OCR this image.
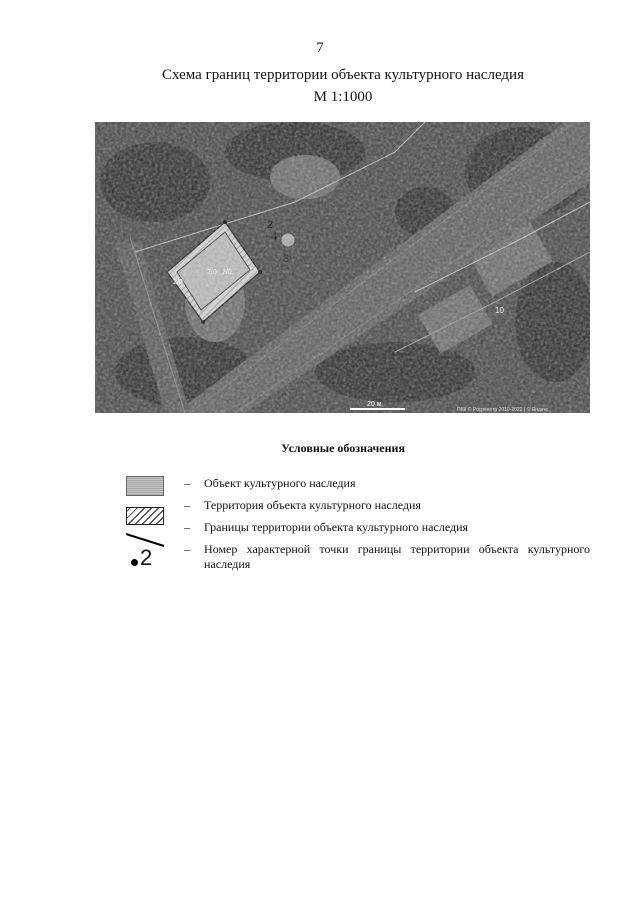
7
Схема границ территории объекта культурного наследия
М 1:1000
20 м
ПКК © Росреестр 2010-2022 | © Яндекс
Условные обозначения
– Объект культурного наследия
– Территория объекта культурного наследия
– Границы территории объекта культурного наследия
2	– Номер характерной точки границы территории объекта культурного наследия
